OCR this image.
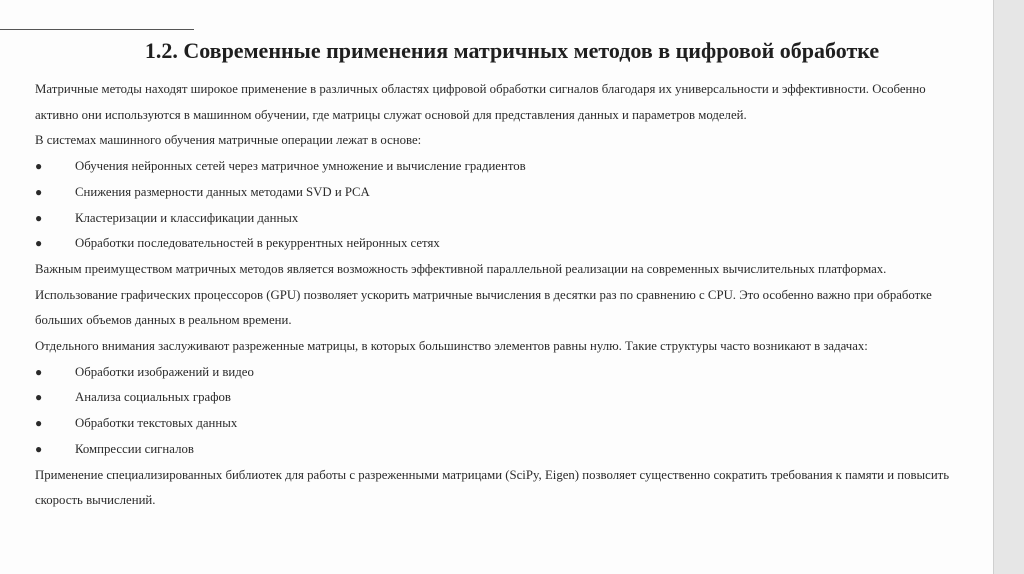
1.2. Современные применения матричных методов в цифровой обработке

Матричные методы находят широкое применение в различных областях цифровой обработки сигналов благодаря их универсальности и эффективности. Особенно активно они используются в машинном обучении, где матрицы служат основой для представления данных и параметров моделей.

В системах машинного обучения матричные операции лежат в основе:

●	Обучения нейронных сетей через матричное умножение и вычисление градиентов
●	Снижения размерности данных методами SVD и PCA
●	Кластеризации и классификации данных
●	Обработки последовательностей в рекуррентных нейронных сетях

Важным преимуществом матричных методов является возможность эффективной параллельной реализации на современных вычислительных платформах. Использование графических процессоров (GPU) позволяет ускорить матричные вычисления в десятки раз по сравнению с CPU. Это особенно важно при обработке больших объемов данных в реальном времени.

Отдельного внимания заслуживают разреженные матрицы, в которых большинство элементов равны нулю. Такие структуры часто возникают в задачах:

●	Обработки изображений и видео
●	Анализа социальных графов
●	Обработки текстовых данных
●	Компрессии сигналов

Применение специализированных библиотек для работы с разреженными матрицами (SciPy, Eigen) позволяет существенно сократить требования к памяти и повысить скорость вычислений.
